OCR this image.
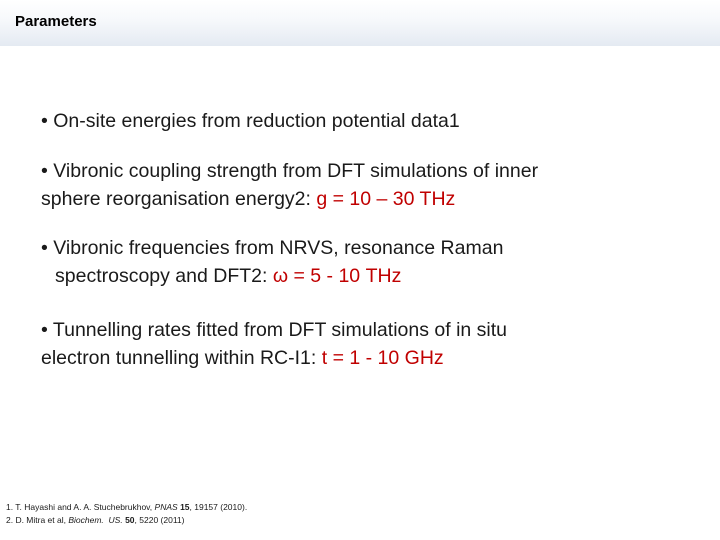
Parameters
• On-site energies from reduction potential data1
• Vibronic coupling strength from DFT simulations of inner
sphere reorganisation energy2: g = 10 – 30 THz
• Vibronic frequencies from NRVS, resonance Raman
spectroscopy and DFT2: ω = 5 - 10 THz
• Tunnelling rates fitted from DFT simulations of in situ
electron tunnelling within RC-I1: t = 1 - 10 GHz
1. T. Hayashi and A. A. Stuchebrukhov, PNAS 15, 19157 (2010).
2. D. Mitra et al, Biochem. US. 50, 5220 (2011)
